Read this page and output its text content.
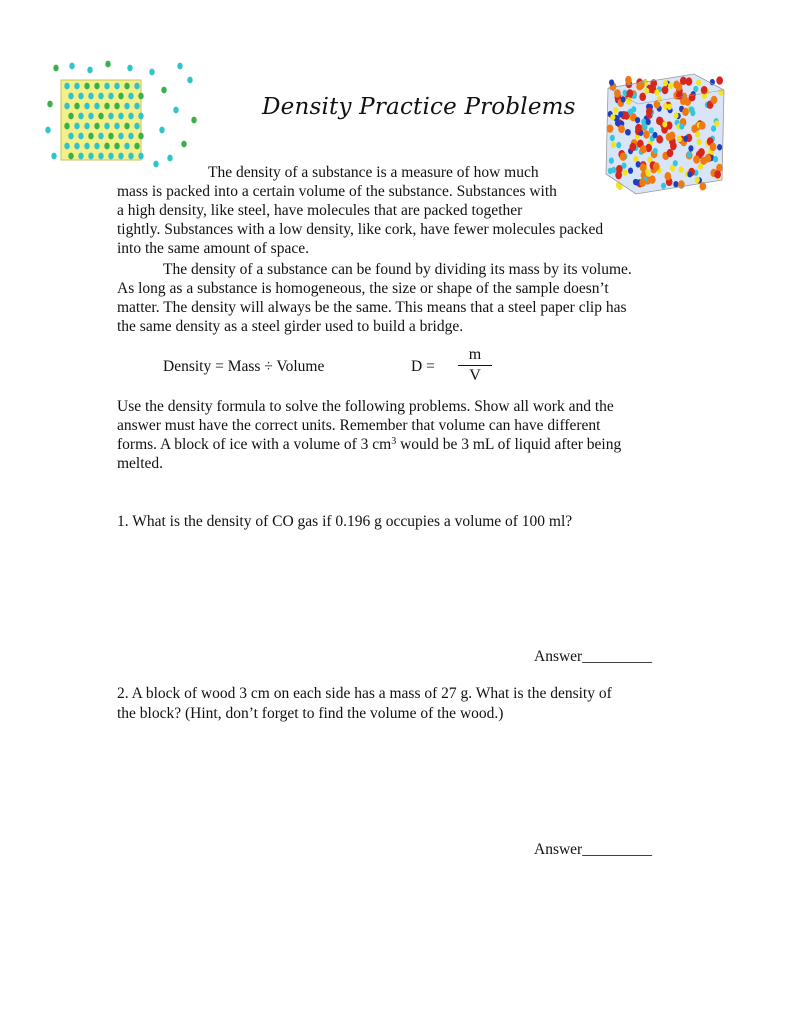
Density Practice Problems
The density of a substance is a measure of how much
mass is packed into a certain volume of the substance. Substances with
a high density, like steel, have molecules that are packed together
tightly. Substances with a low density, like cork, have fewer molecules packed
into the same amount of space.
The density of a substance can be found by dividing its mass by its volume.
As long as a substance is homogeneous, the size or shape of the sample doesn’t
matter. The density will always be the same. This means that a steel paper clip has
the same density as a steel girder used to build a bridge.
Density = Mass ÷ Volume	D =
m
V
Use the density formula to solve the following problems. Show all work and the
answer must have the correct units. Remember that volume can have different
forms. A block of ice with a volume of 3 $cm^3$ would be 3 mL of liquid after being
melted.
1. What is the density of CO gas if 0.196 g occupies a volume of 100 ml?
Answer_________
2. A block of wood 3 cm on each side has a mass of 27 g. What is the density of
the block? (Hint, don’t forget to find the volume of the wood.)
Answer_________
